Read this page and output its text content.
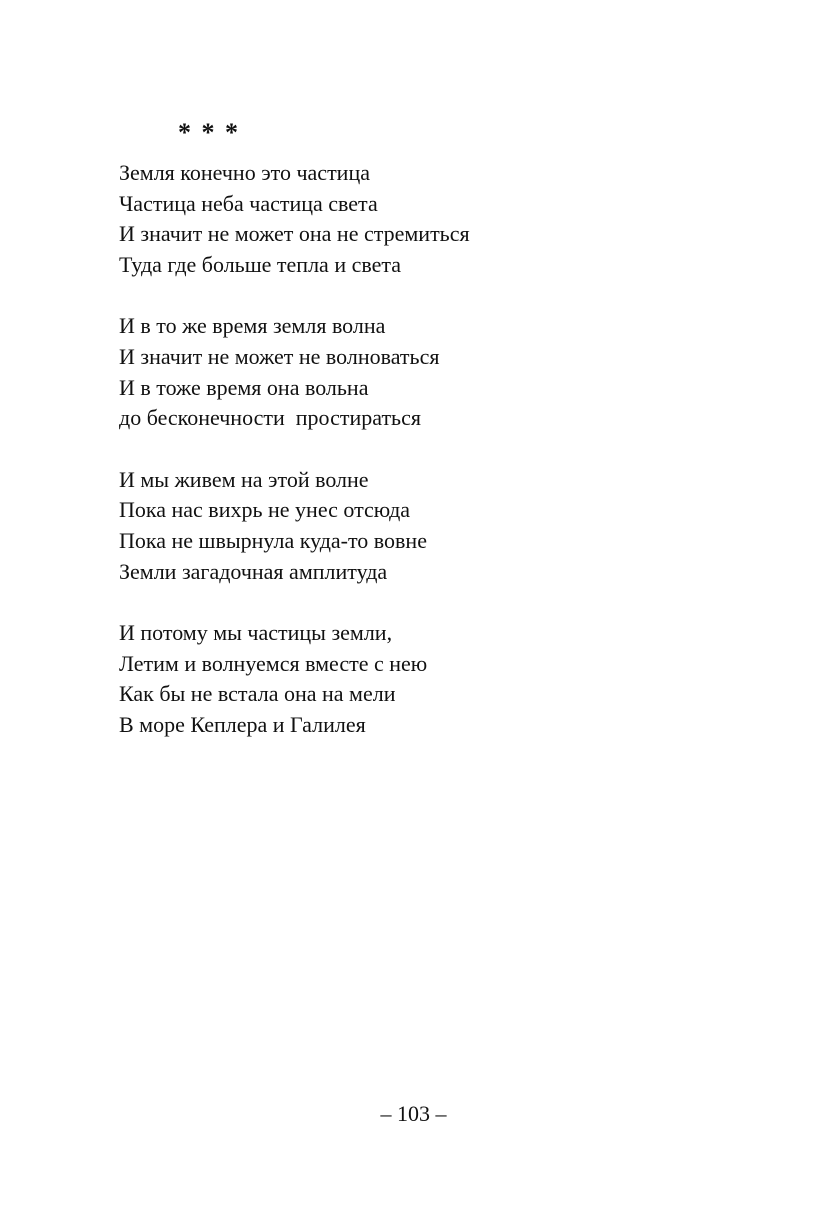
* * *
Земля конечно это частица
Частица неба частица света
И значит не может она не стремиться
Туда где больше тепла и света
И в то же время земля волна
И значит не может не волноваться
И в тоже время она вольна
до бесконечности  простираться
И мы живем на этой волне
Пока нас вихрь не унес отсюда
Пока не швырнула куда-то вовне
Земли загадочная амплитуда
И потому мы частицы земли,
Летим и волнуемся вместе с нею
Как бы не встала она на мели
В море Кеплера и Галилея
– 103 –
